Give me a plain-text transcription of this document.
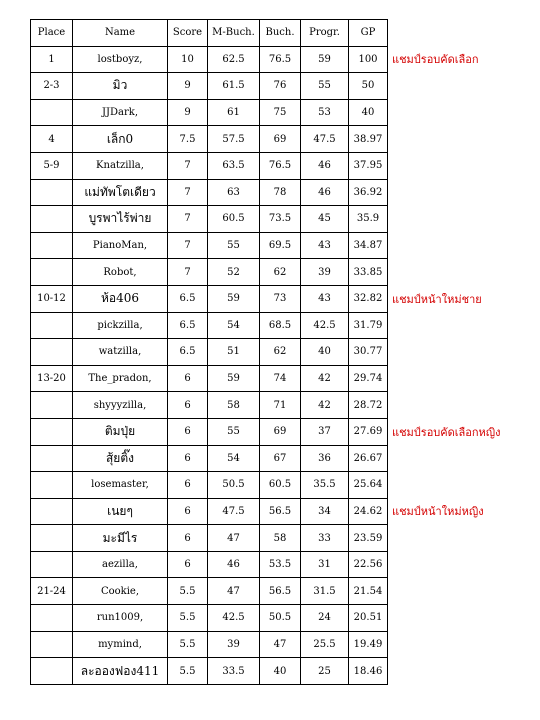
Place	Name	Score	M-Buch.	Buch.	Progr.	GP	
1	lostboyz,	10	62.5	76.5	59	100	แชมป์รอบคัดเลือก
2-3	มิว	9	61.5	76	55	50	
	JJDark,	9	61	75	53	40	
4	เล็ก0	7.5	57.5	69	47.5	38.97	
5-9	Knatzilla,	7	63.5	76.5	46	37.95	
	แม่ทัพโตเดียว	7	63	78	46	36.92	
	บูรพาไร้พ่าย	7	60.5	73.5	45	35.9	
	PianoMan,	7	55	69.5	43	34.87	
	Robot,	7	52	62	39	33.85	
10-12	ห้อ406	6.5	59	73	43	32.82	แชมป์หน้าใหม่ชาย
	pickzilla,	6.5	54	68.5	42.5	31.79	
	watzilla,	6.5	51	62	40	30.77	
13-20	The_pradon,	6	59	74	42	29.74	
	shyyyzilla,	6	58	71	42	28.72	
	ติมปุ่ย	6	55	69	37	27.69	แชมป์รอบคัดเลือกหญิง
	สุ้ยติ๊ง	6	54	67	36	26.67	
	losemaster,	6	50.5	60.5	35.5	25.64	
	เนยๆ	6	47.5	56.5	34	24.62	แชมป์หน้าใหม่หญิง
	มะมีไร	6	47	58	33	23.59	
	aezilla,	6	46	53.5	31	22.56	
21-24	Cookie,	5.5	47	56.5	31.5	21.54	
	run1009,	5.5	42.5	50.5	24	20.51	
	mymind,	5.5	39	47	25.5	19.49	
	ละอองฟอง411	5.5	33.5	40	25	18.46	
